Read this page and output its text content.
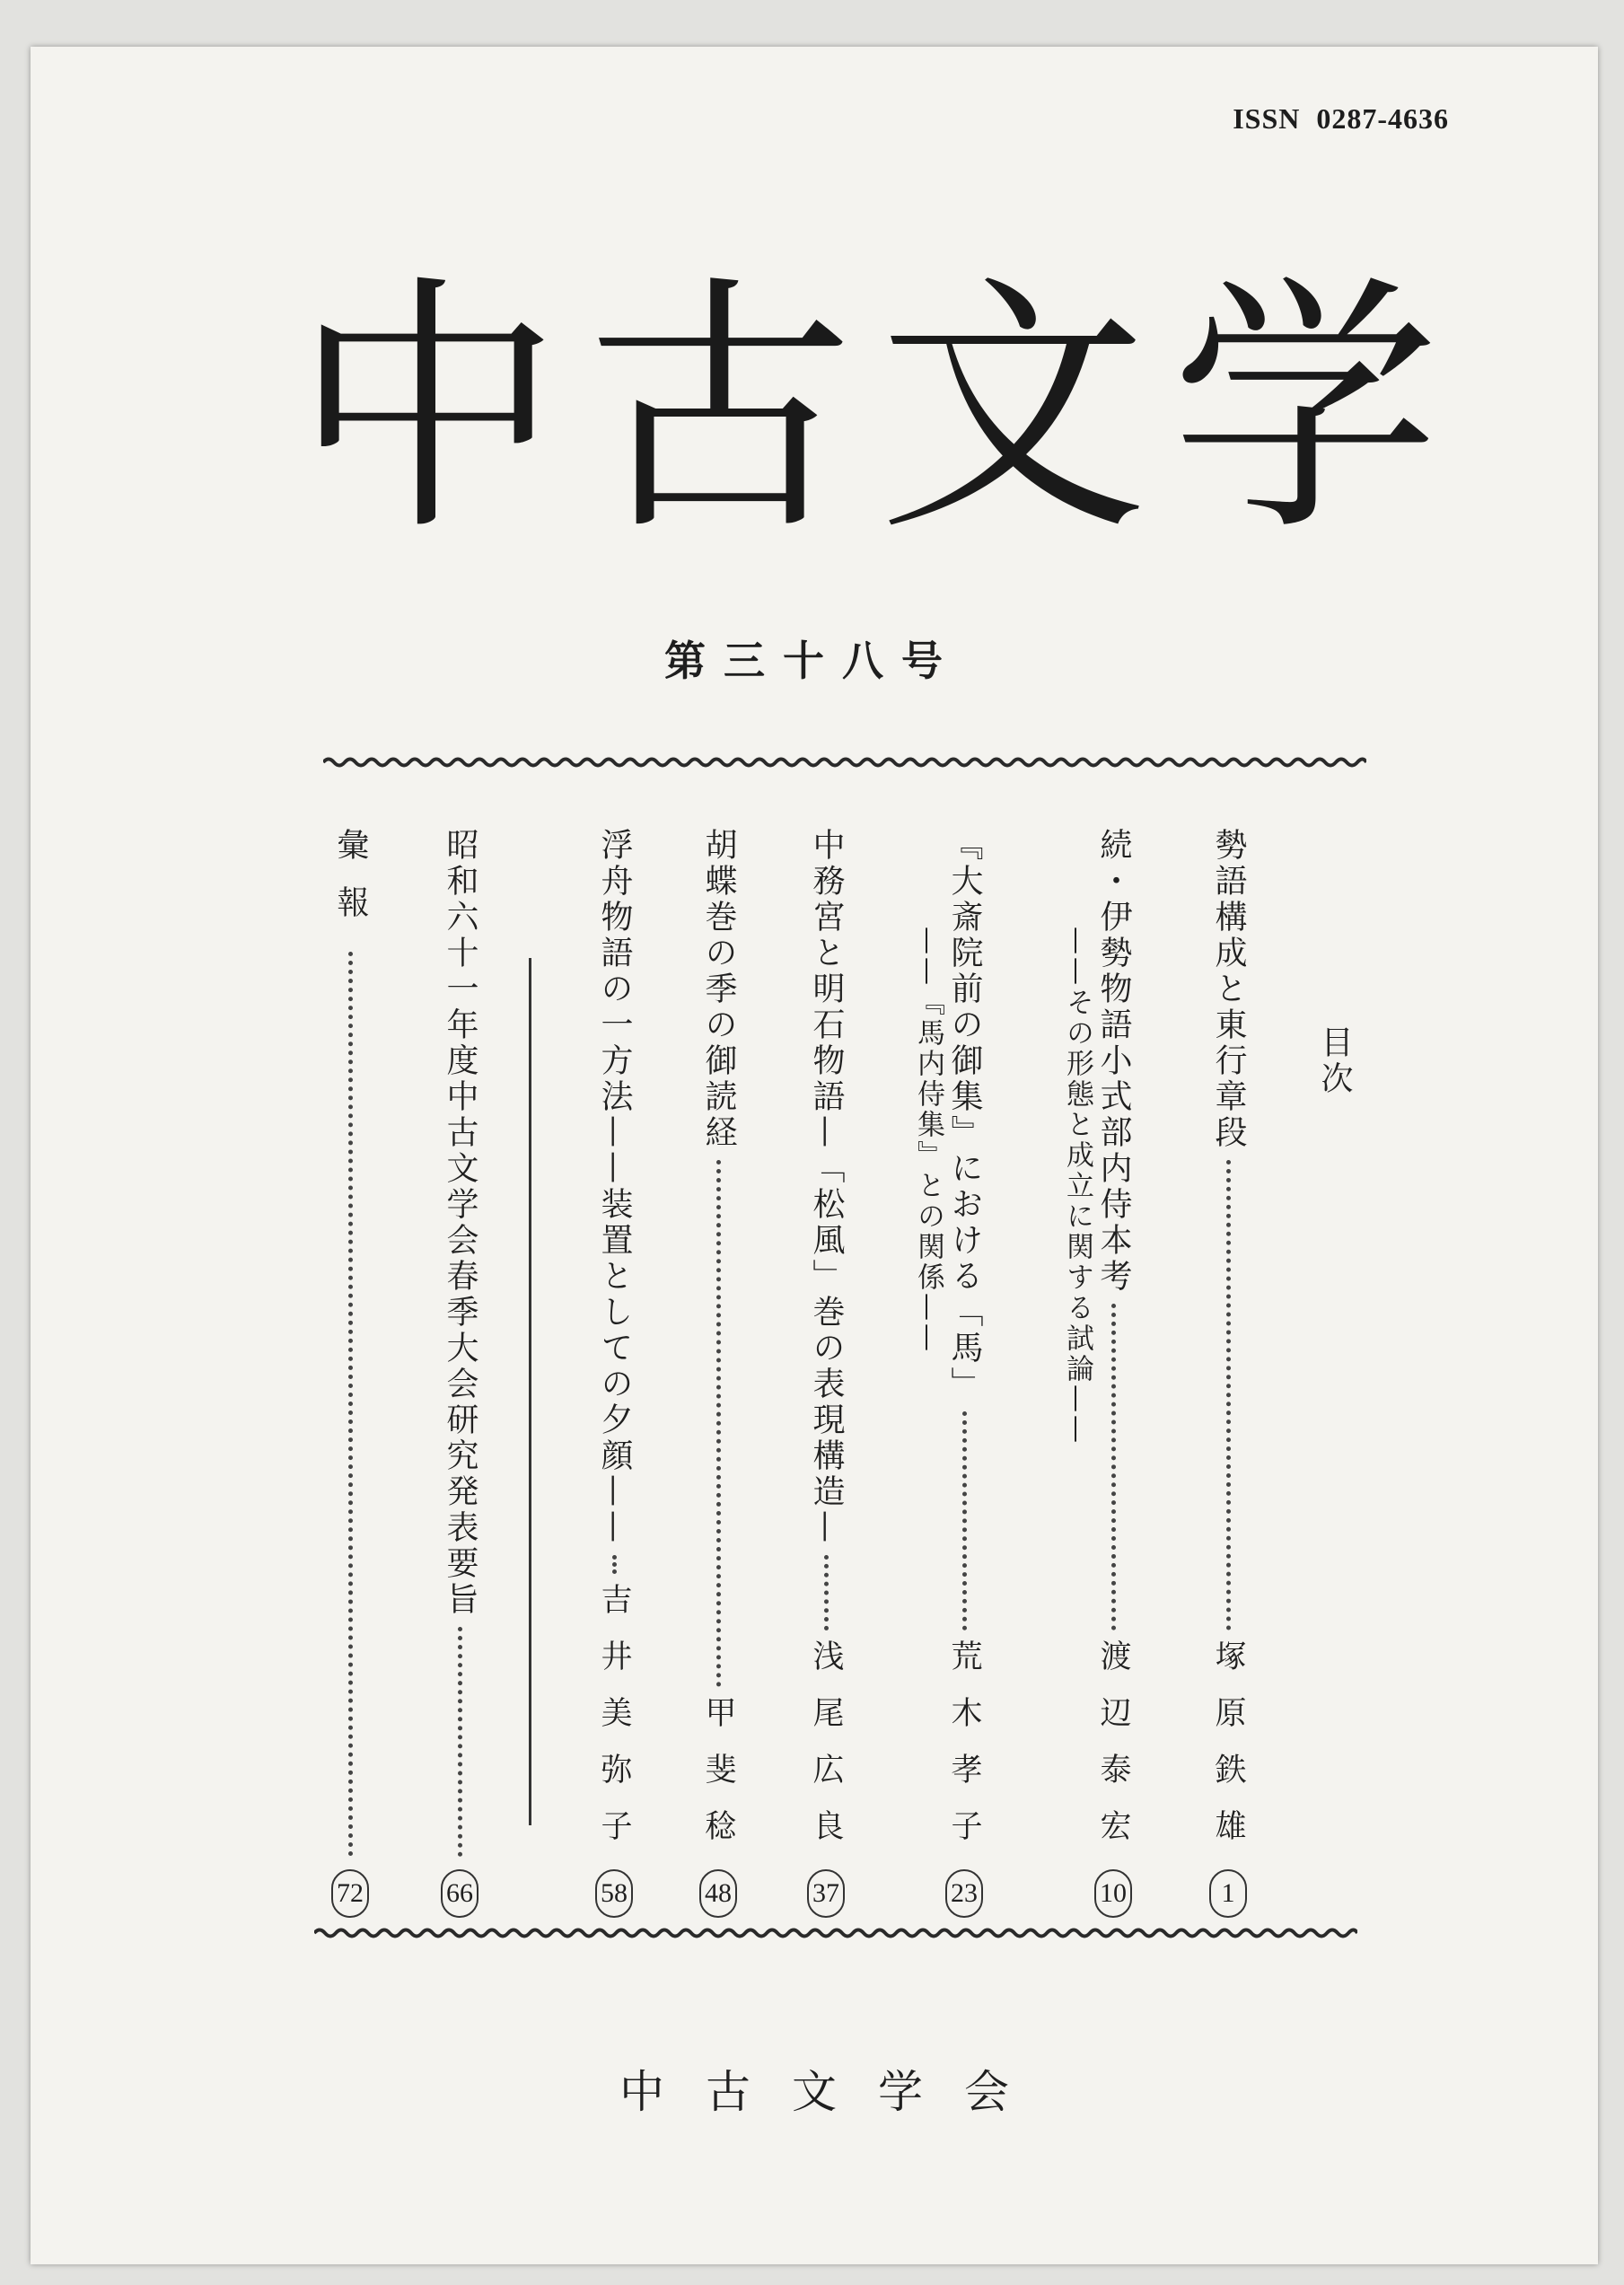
ISSN  0287-4636
中古文学
第三十八号
目次
勢語構成と東行章段
塚原鉄雄
1
続・伊勢物語小式部内侍本考
渡辺泰宏
10
——その形態と成立に関する試論——
『大斎院前の御集』における「馬」
荒木孝子
23
——『馬内侍集』との関係——
中務宮と明石物語—「松風」巻の表現構造—
浅尾広良
37
胡蝶巻の季の御読経
甲斐稔
48
浮舟物語の一方法——装置としての夕顔——
吉井美弥子
58
昭和六十一年度中古文学会春季大会研究発表要旨
66
彙報
72
中古文学会
